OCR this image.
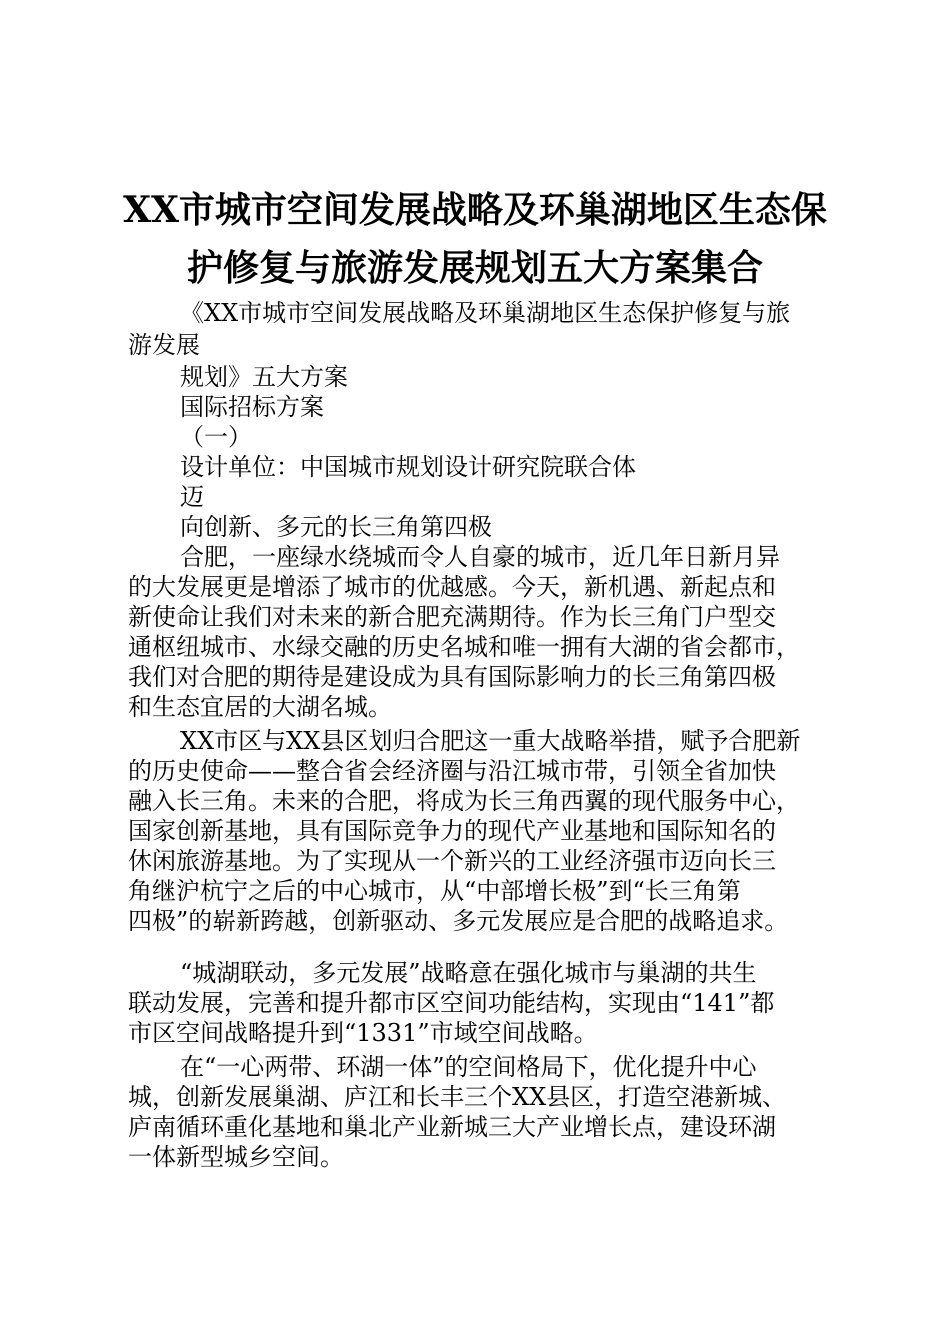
XX市城市空间发展战略及环巢湖地区生态保
护修复与旅游发展规划五大方案集合
《XX市城市空间发展战略及环巢湖地区生态保护修复与旅
游发展
规划》五大方案
国际招标方案
（一）
设计单位：中国城市规划设计研究院联合体
迈
向创新、多元的长三角第四极
合肥，一座绿水绕城而令人自豪的城市，近几年日新月异
的大发展更是增添了城市的优越感。今天，新机遇、新起点和
新使命让我们对未来的新合肥充满期待。作为长三角门户型交
通枢纽城市、水绿交融的历史名城和唯一拥有大湖的省会都市，
我们对合肥的期待是建设成为具有国际影响力的长三角第四极
和生态宜居的大湖名城。
XX市区与XX县区划归合肥这一重大战略举措，赋予合肥新
的历史使命——整合省会经济圈与沿江城市带，引领全省加快
融入长三角。未来的合肥，将成为长三角西翼的现代服务中心，
国家创新基地，具有国际竞争力的现代产业基地和国际知名的
休闲旅游基地。为了实现从一个新兴的工业经济强市迈向长三
角继沪杭宁之后的中心城市，从“中部增长极”到“长三角第
四极”的崭新跨越，创新驱动、多元发展应是合肥的战略追求。
“城湖联动，多元发展”战略意在强化城市与巢湖的共生
联动发展，完善和提升都市区空间功能结构，实现由“141”都
市区空间战略提升到“1331”市域空间战略。
在“一心两带、环湖一体”的空间格局下，优化提升中心
城，创新发展巢湖、庐江和长丰三个XX县区，打造空港新城、
庐南循环重化基地和巢北产业新城三大产业增长点，建设环湖
一体新型城乡空间。
